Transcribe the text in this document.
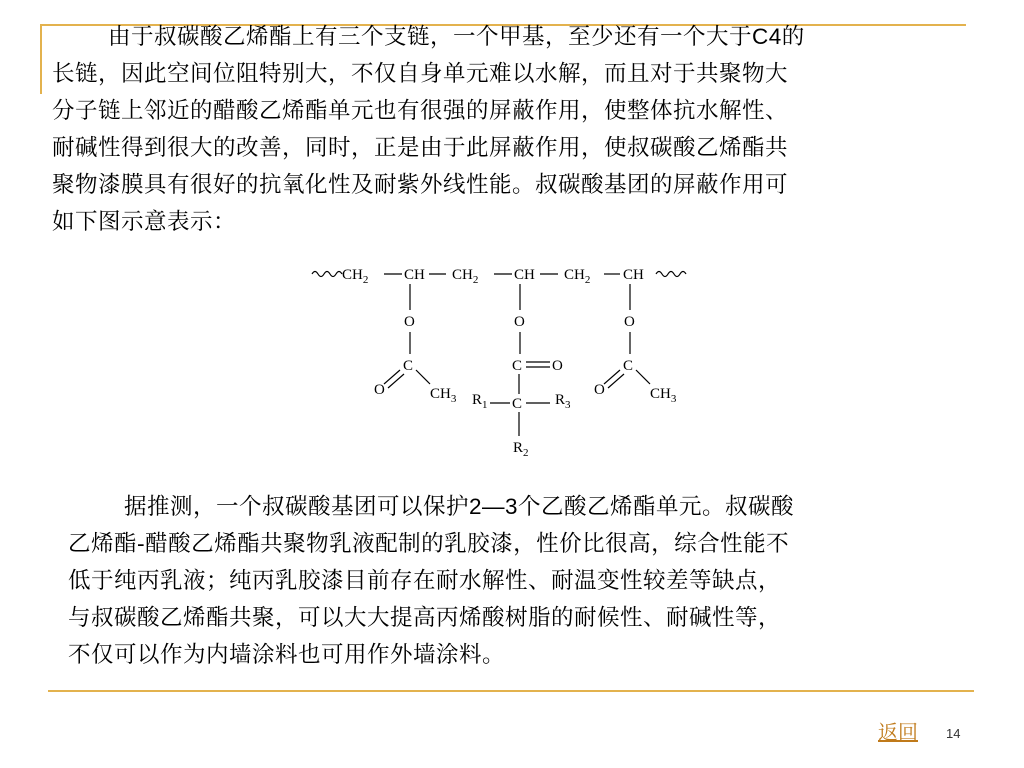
由于叔碳酸乙烯酯上有三个支链，一个甲基，至少还有一个大于C4的
长链，因此空间位阻特别大，不仅自身单元难以水解，而且对于共聚物大
分子链上邻近的醋酸乙烯酯单元也有很强的屏蔽作用，使整体抗水解性、
耐碱性得到很大的改善，同时，正是由于此屏蔽作用，使叔碳酸乙烯酯共
聚物漆膜具有很好的抗氧化性及耐紫外线性能。叔碳酸基团的屏蔽作用可
如下图示意表示：

$CH_2$ CH $CH_2$ CH $CH_2$ CH
O
C
O	$CH_3$
O
C O
C
$R_1$	$R_3$
$R_2$
O
C
O	$CH_3$

据推测，一个叔碳酸基团可以保护2—3个乙酸乙烯酯单元。叔碳酸
乙烯酯-醋酸乙烯酯共聚物乳液配制的乳胶漆，性价比很高，综合性能不
低于纯丙乳液；纯丙乳胶漆目前存在耐水解性、耐温变性较差等缺点，
与叔碳酸乙烯酯共聚，可以大大提高丙烯酸树脂的耐候性、耐碱性等，
不仅可以作为内墙涂料也可用作外墙涂料。

返回 14
